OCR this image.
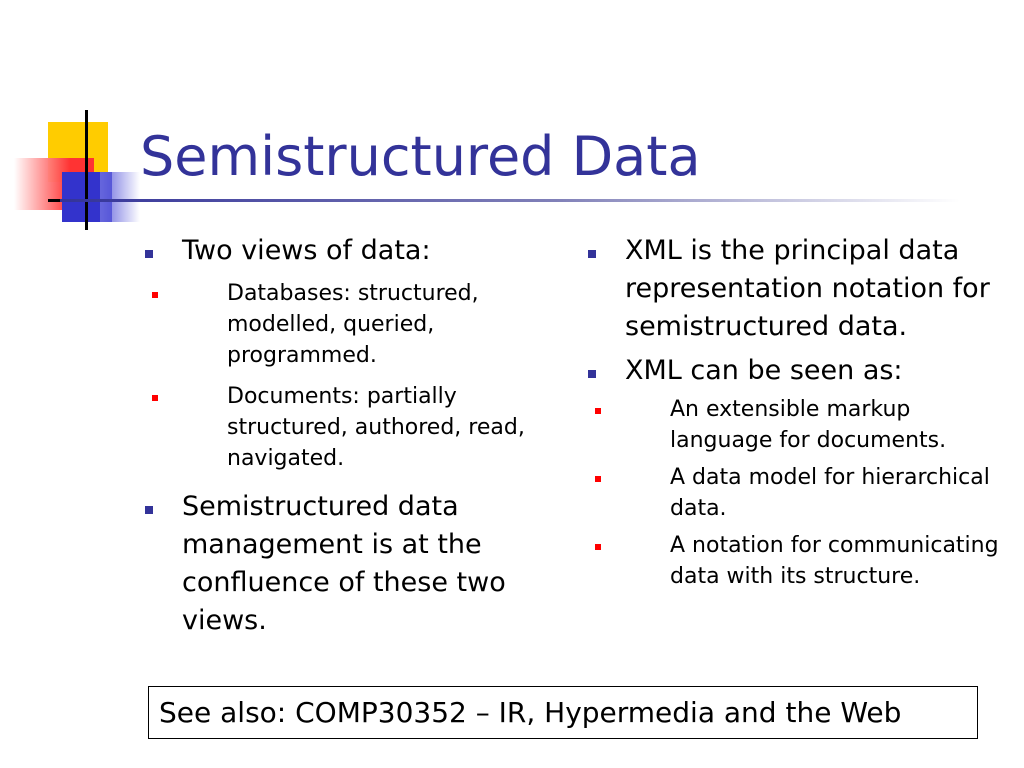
Semistructured Data
Two views of data:
Databases: structured, modelled, queried, programmed.
Documents: partially structured, authored, read, navigated.
Semistructured data management is at the confluence of these two views.
XML is the principal data representation notation for semistructured data.
XML can be seen as:
An extensible markup language for documents.
A data model for hierarchical data.
A notation for communicating data with its structure.
See also: COMP30352 – IR, Hypermedia and the Web
